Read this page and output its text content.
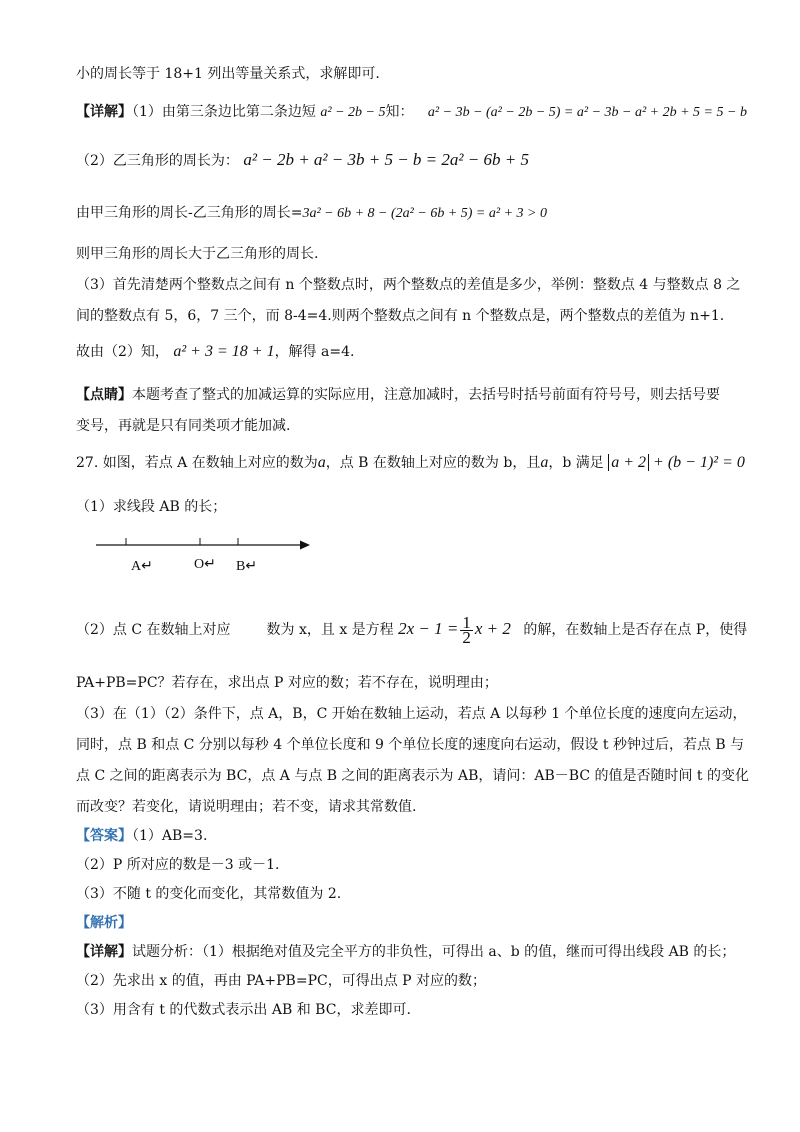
小的周长等于 18+1 列出等量关系式，求解即可.
【详解】（1）由第三条边比第二条边短 a² − 2b − 5知： a² − 3b − (a² − 2b − 5) = a² − 3b − a² + 2b + 5 = 5 − b
（2）乙三角形的周长为： a² − 2b + a² − 3b + 5 − b = 2a² − 6b + 5
由甲三角形的周长-乙三角形的周长=3a² − 6b + 8 − (2a² − 6b + 5) = a² + 3 > 0
则甲三角形的周长大于乙三角形的周长.
（3）首先清楚两个整数点之间有 n 个整数点时，两个整数点的差值是多少，举例：整数点 4 与整数点 8 之
间的整数点有 5，6，7 三个，而 8-4=4.则两个整数点之间有 n 个整数点是，两个整数点的差值为 n+1.
故由（2）知， a² + 3 = 18 + 1，解得 a=4.
【点睛】本题考查了整式的加减运算的实际应用，注意加减时，去括号时括号前面有符号号，则去括号要
变号，再就是只有同类项才能加减.
27. 如图，若点 A 在数轴上对应的数为a，点 B 在数轴上对应的数为 b，且a，b 满足 a + 2 + (b − 1)² = 0
（1）求线段 AB 的长；
A↵	O↵ B↵
（2）点 C 在数轴上对应	数为 x，且 x 是方程 $2x - 1 = \frac{1}{2}$ x + 2 的解，在数轴上是否存在点 P，使得
PA+PB=PC？若存在，求出点 P 对应的数；若不存在，说明理由；
（3）在（1）（2）条件下，点 A，B，C 开始在数轴上运动，若点 A 以每秒 1 个单位长度的速度向左运动，
同时，点 B 和点 C 分别以每秒 4 个单位长度和 9 个单位长度的速度向右运动，假设 t 秒钟过后，若点 B 与
点 C 之间的距离表示为 BC，点 A 与点 B 之间的距离表示为 AB，请问：AB－BC 的值是否随时间 t 的变化
而改变？若变化，请说明理由；若不变，请求其常数值.
【答案】（1）AB=3.
（2）P 所对应的数是－3 或－1.
（3）不随 t 的变化而变化，其常数值为 2.
【解析】
【详解】试题分析：（1）根据绝对值及完全平方的非负性，可得出 a、b 的值，继而可得出线段 AB 的长；
（2）先求出 x 的值，再由 PA+PB=PC，可得出点 P 对应的数；
（3）用含有 t 的代数式表示出 AB 和 BC，求差即可.
